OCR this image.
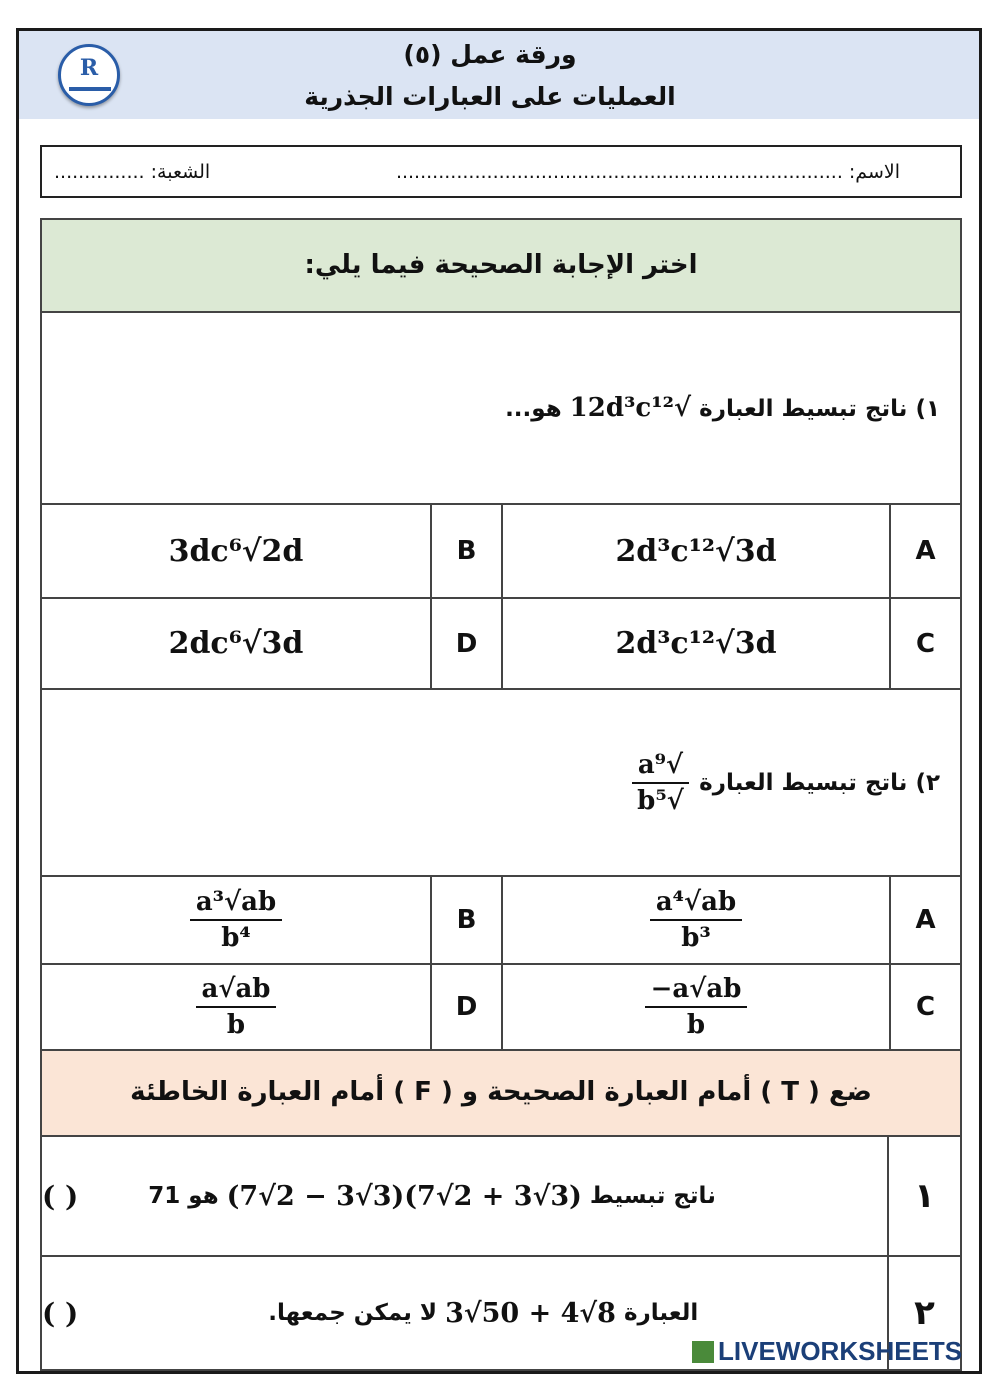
R	ورقة عمل (٥)
العمليات على العبارات الجذرية
الاسم: ..........................................................................
الشعبة: ...............
اختر الإجابة الصحيحة فيما يلي:
١) ناتج تبسيط العبارة √12d³c¹² هو...
3dc⁶√2d	B	2d³c¹²√3d	A
2dc⁶√3d	D	2d³c¹²√3d	C
٢) ناتج تبسيط العبارة
$\frac{\text{√a⁹}}{\text{√b⁵}}$
$\frac{\text{a³√ab}}{\text{b⁴}}$	B	$\frac{\text{a⁴√ab}}{\text{b³}}$	A
$\frac{a√ab}{b}$	D	$\frac{-a√ab}{b}$	C
ضع ( T ) أمام العبارة الصحيحة و ( F ) أمام العبارة الخاطئة
ناتج تبسيط

(7√2 − 3√3)(7√2 + 3√3)

هو 71
( )	١
العبارة

3√50 + 4√8

لا يمكن جمعها.
( )	٢
LIVEWORKSHEETS
